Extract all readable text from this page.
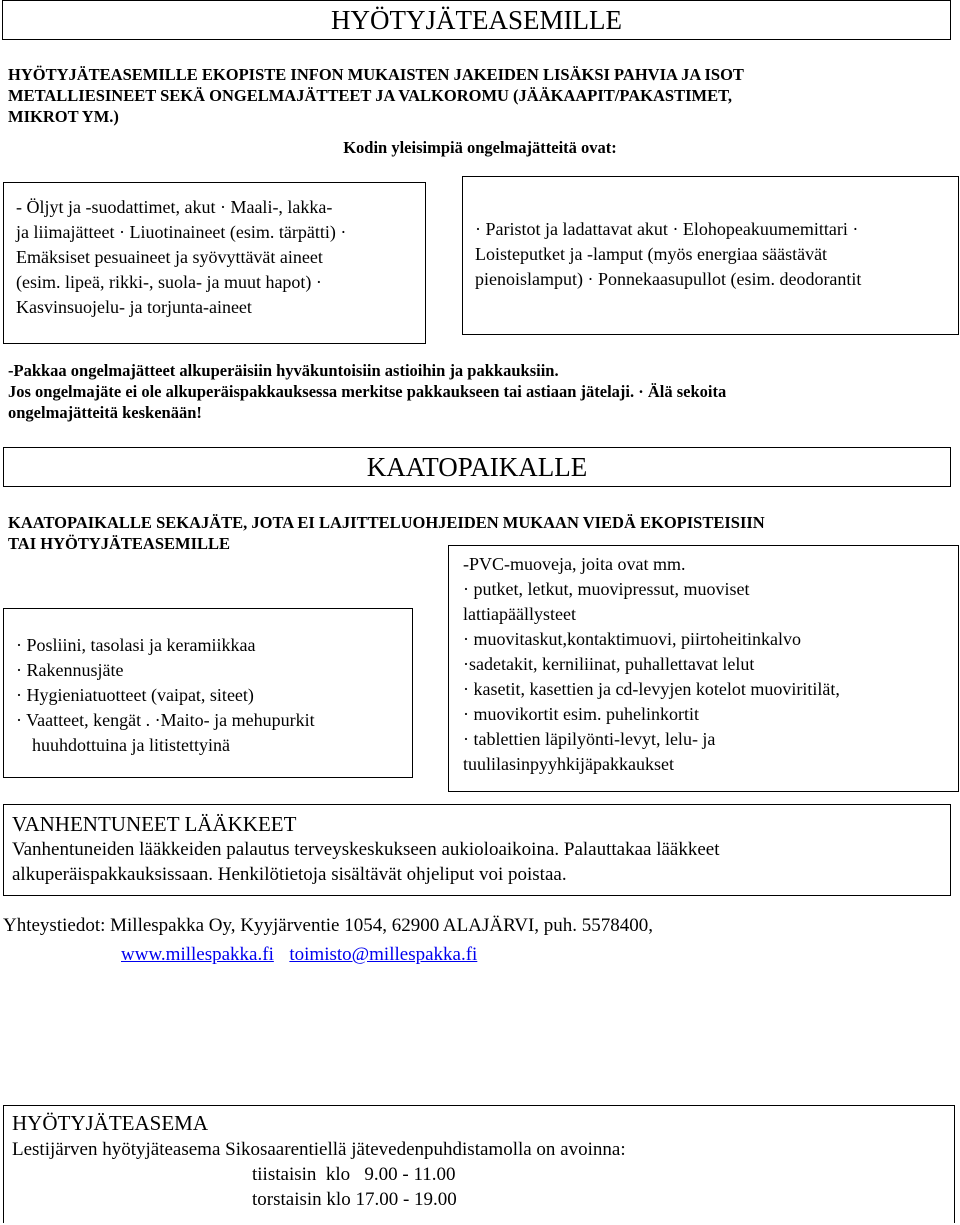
HYÖTYJÄTEASEMILLE
HYÖTYJÄTEASEMILLE EKOPISTE INFON MUKAISTEN JAKEIDEN LISÄKSI PAHVIA JA ISOT
METALLIESINEET SEKÄ ONGELMAJÄTTEET JA VALKOROMU (JÄÄKAAPIT/PAKASTIMET,
MIKROT YM.)
Kodin yleisimpiä ongelmajätteitä ovat:
- Öljyt ja -suodattimet, akut · Maali-, lakka-
ja liimajätteet · Liuotinaineet (esim. tärpätti) ·
Emäksiset pesuaineet ja syövyttävät aineet
(esim. lipeä, rikki-, suola- ja muut hapot) ·
Kasvinsuojelu- ja torjunta-aineet
· Paristot ja ladattavat akut · Elohopeakuumemittari ·
Loisteputket ja -lamput (myös energiaa säästävät
pienoislamput) · Ponnekaasupullot (esim. deodorantit
-Pakkaa ongelmajätteet alkuperäisiin hyväkuntoisiin astioihin ja pakkauksiin.
Jos ongelmajäte ei ole alkuperäispakkauksessa merkitse pakkaukseen tai astiaan jätelaji. · Älä sekoita
ongelmajätteitä keskenään!
KAATOPAIKALLE
KAATOPAIKALLE SEKAJÄTE, JOTA EI LAJITTELUOHJEIDEN MUKAAN VIEDÄ EKOPISTEISIIN
TAI HYÖTYJÄTEASEMILLE
· Posliini, tasolasi ja keramiikkaa
· Rakennusjäte
· Hygieniatuotteet (vaipat, siteet)
· Vaatteet, kengät . ·Maito- ja mehupurkit
huuhdottuina ja litistettyinä
-PVC-muoveja, joita ovat mm.
· putket, letkut, muovipressut, muoviset
lattiapäällysteet
· muovitaskut,kontaktimuovi, piirtoheitinkalvo
·sadetakit, kerniliinat, puhallettavat lelut
· kasetit, kasettien ja cd-levyjen kotelot muoviritilät,
· muovikortit esim. puhelinkortit
· tablettien läpilyönti-levyt, lelu- ja
tuulilasinpyyhkijäpakkaukset
VANHENTUNEET LÄÄKKEET
Vanhentuneiden lääkkeiden palautus terveyskeskukseen aukioloaikoina. Palauttakaa lääkkeet
alkuperäispakkauksissaan. Henkilötietoja sisältävät ohjeliput voi poistaa.
Yhteystiedot: Millespakka Oy, Kyyjärventie 1054, 62900 ALAJÄRVI, puh. 5578400,
www.millespakka.fi toimisto@millespakka.fi
HYÖTYJÄTEASEMA
Lestijärven hyötyjäteasema Sikosaarentiellä jätevedenpuhdistamolla on avoinna:
tiistaisin  klo   9.00 - 11.00
torstaisin klo 17.00 - 19.00
